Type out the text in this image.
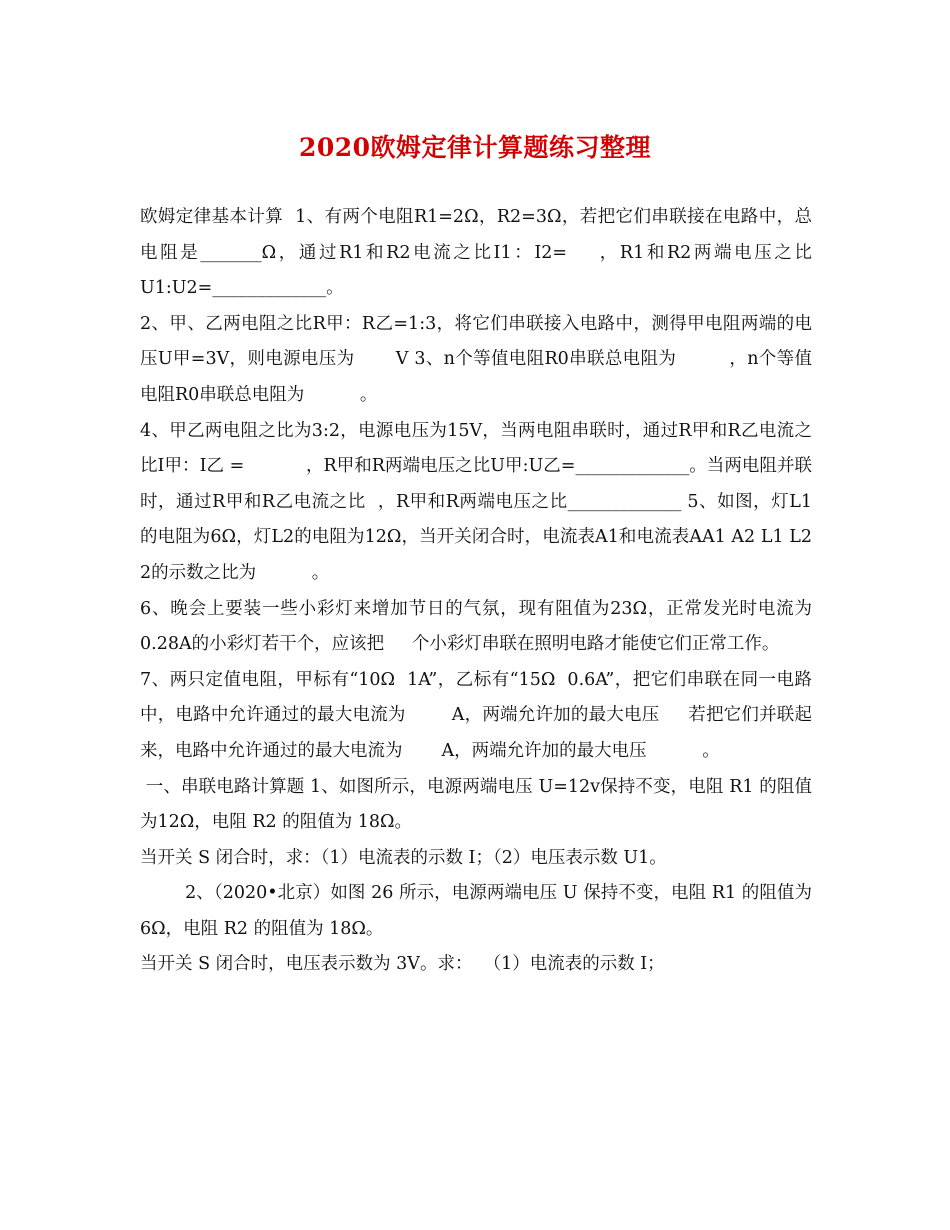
2020欧姆定律计算题练习整理

欧姆定律基本计算  1、有两个电阻R1=2Ω，R2=3Ω，若把它们串联接在电路中，总电阻是_______Ω，通过R1和R2电流之比I1：I2=    ，R1和R2两端电压之比U1:U2=_____________。

2、甲、乙两电阻之比R甲：R乙=1:3，将它们串联接入电路中，测得甲电阻两端的电压U甲=3V，则电源电压为       V 3、n个等值电阻R0串联总电阻为         ，n个等值电阻R0串联总电阻为          。

4、甲乙两电阻之比为3:2，电源电压为15V，当两电阻串联时，通过R甲和R乙电流之比I甲：I乙 =           ，R甲和R两端电压之比U甲:U乙=_____________。当两电阻并联时，通过R甲和R乙电流之比  ，R甲和R两端电压之比_____________ 5、如图，灯L1的电阻为6Ω，灯L2的电阻为12Ω，当开关闭合时，电流表A1和电流表AA1 A2 L1 L2 2的示数之比为          。

6、晚会上要装一些小彩灯来增加节日的气氛，现有阻值为23Ω，正常发光时电流为0.28A的小彩灯若干个，应该把     个小彩灯串联在照明电路才能使它们正常工作。

7、两只定值电阻，甲标有“10Ω  1A”，乙标有“15Ω  0.6A”，把它们串联在同一电路中，电路中允许通过的最大电流为        A，两端允许加的最大电压     若把它们并联起来，电路中允许通过的最大电流为       A，两端允许加的最大电压          。

一、串联电路计算题 1、如图所示，电源两端电压 U=12v保持不变，电阻 R1 的阻值为12Ω，电阻 R2 的阻值为 18Ω。

当开关 S 闭合时，求：（1）电流表的示数 I；（2）电压表示数 U1。

2、（2020•北京）如图 26 所示，电源两端电压 U 保持不变，电阻 R1 的阻值为 6Ω，电阻 R2 的阻值为 18Ω。

当开关 S 闭合时，电压表示数为 3V。求：  （1）电流表的示数 I；
